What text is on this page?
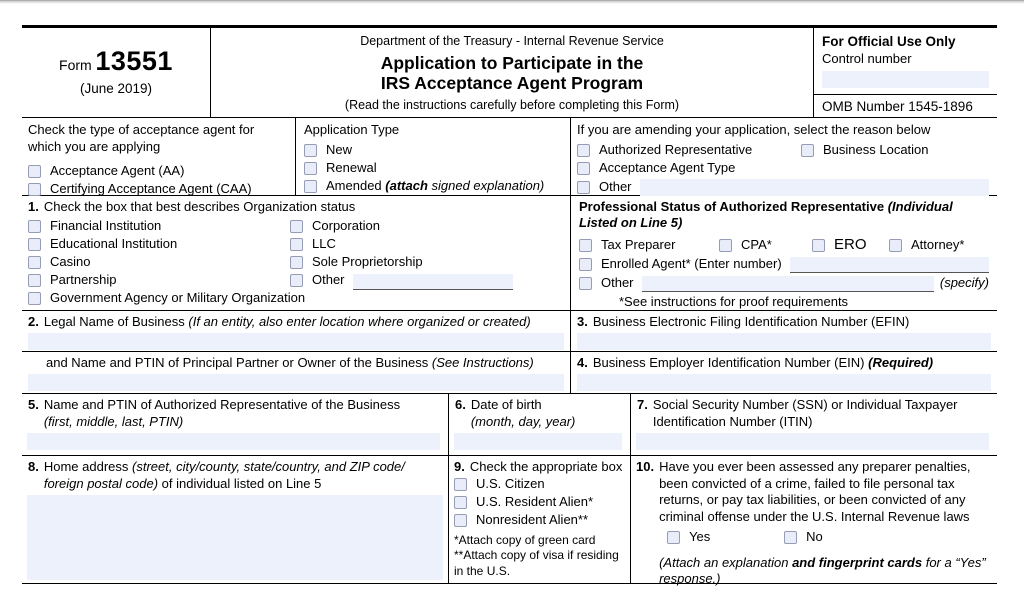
Form 13551
(June 2019)
Department of the Treasury - Internal Revenue Service
Application to Participate in the
IRS Acceptance Agent Program
(Read the instructions carefully before completing this Form)
For Official Use Only
Control number
OMB Number 1545-1896
Check the type of acceptance agent for which you are applying
Acceptance Agent (AA)
Certifying Acceptance Agent (CAA)
Application Type
New
Renewal
Amended (attach signed explanation)
If you are amending your application, select the reason below
Authorized Representative	Business Location
Acceptance Agent Type
Other
1. Check the box that best describes Organization status
Financial Institution
Educational Institution
Casino
Partnership
Government Agency or Military Organization
Corporation
LLC
Sole Proprietorship
Other
Professional Status of Authorized Representative (Individual Listed on Line 5)
Tax Preparer	CPA*	ERO	Attorney*
Enrolled Agent* (Enter number)
Other	(specify)
*See instructions for proof requirements
2. Legal Name of Business (If an entity, also enter location where organized or created)	3. Business Electronic Filing Identification Number (EFIN)
and Name and PTIN of Principal Partner or Owner of the Business (See Instructions)	4. Business Employer Identification Number (EIN) (Required)
5. Name and PTIN of Authorized Representative of the Business
(first, middle, last, PTIN)
6. Date of birth
(month, day, year)
7. Social Security Number (SSN) or Individual Taxpayer Identification Number (ITIN)
8. Home address (street, city/county, state/country, and ZIP code/ foreign postal code) of individual listed on Line 5
9. Check the appropriate box
U.S. Citizen
U.S. Resident Alien*
Nonresident Alien**
*Attach copy of green card
**Attach copy of visa if residing in the U.S.
10. Have you ever been assessed any preparer penalties, been convicted of a crime, failed to file personal tax returns, or pay tax liabilities, or been convicted of any criminal offense under the U.S. Internal Revenue laws
Yes	No
(Attach an explanation and fingerprint cards for a “Yes” response.)
